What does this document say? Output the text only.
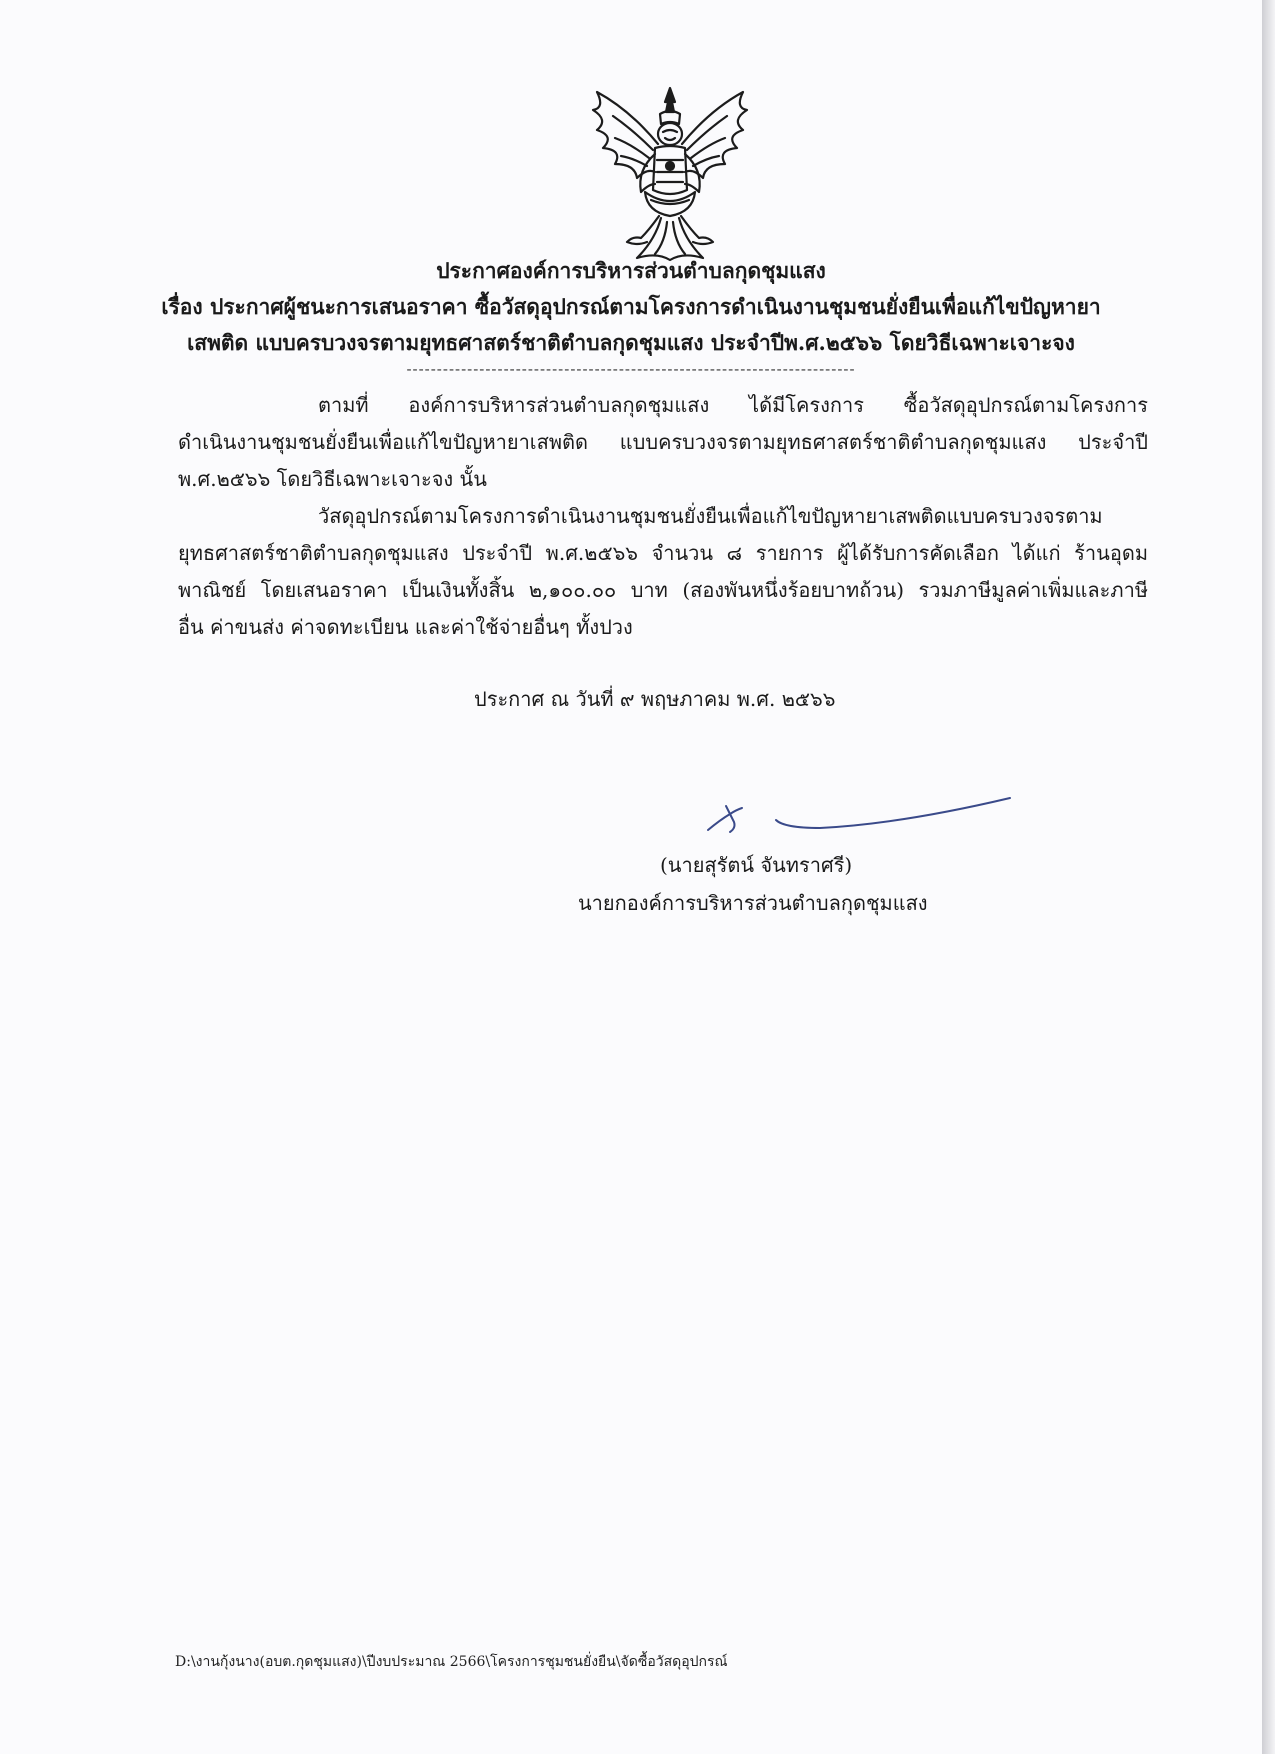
ประกาศองค์การบริหารส่วนตำบลกุดชุมแสง
เรื่อง ประกาศผู้ชนะการเสนอราคา ซื้อวัสดุอุปกรณ์ตามโครงการดำเนินงานชุมชนยั่งยืนเพื่อแก้ไขปัญหายา
เสพติด แบบครบวงจรตามยุทธศาสตร์ชาติตำบลกุดชุมแสง ประจำปีพ.ศ.๒๕๖๖ โดยวิธีเฉพาะเจาะจง
--------------------------------------------------------------------------
ตามที่ องค์การบริหารส่วนตำบลกุดชุมแสง ได้มีโครงการ ซื้อวัสดุอุปกรณ์ตามโครงการ
ดำเนินงานชุมชนยั่งยืนเพื่อแก้ไขปัญหายาเสพติด แบบครบวงจรตามยุทธศาสตร์ชาติตำบลกุดชุมแสง ประจำปี
พ.ศ.๒๕๖๖ โดยวิธีเฉพาะเจาะจง นั้น
วัสดุอุปกรณ์ตามโครงการดำเนินงานชุมชนยั่งยืนเพื่อแก้ไขปัญหายาเสพติดแบบครบวงจรตาม
ยุทธศาสตร์ชาติตำบลกุดชุมแสง ประจำปี พ.ศ.๒๕๖๖ จำนวน ๘ รายการ ผู้ได้รับการคัดเลือก ได้แก่ ร้านอุดม
พาณิชย์ โดยเสนอราคา เป็นเงินทั้งสิ้น ๒,๑๐๐.๐๐ บาท (สองพันหนึ่งร้อยบาทถ้วน) รวมภาษีมูลค่าเพิ่มและภาษี
อื่น ค่าขนส่ง ค่าจดทะเบียน และค่าใช้จ่ายอื่นๆ ทั้งปวง
ประกาศ ณ วันที่ ๙ พฤษภาคม พ.ศ. ๒๕๖๖
(นายสุรัตน์ จันทราศรี)
นายกองค์การบริหารส่วนตำบลกุดชุมแสง
D:\งานกุ้งนาง(อบต.กุดชุมแสง)\ปีงบประมาณ 2566\โครงการชุมชนยั่งยืน\จัดซื้อวัสดุอุปกรณ์
